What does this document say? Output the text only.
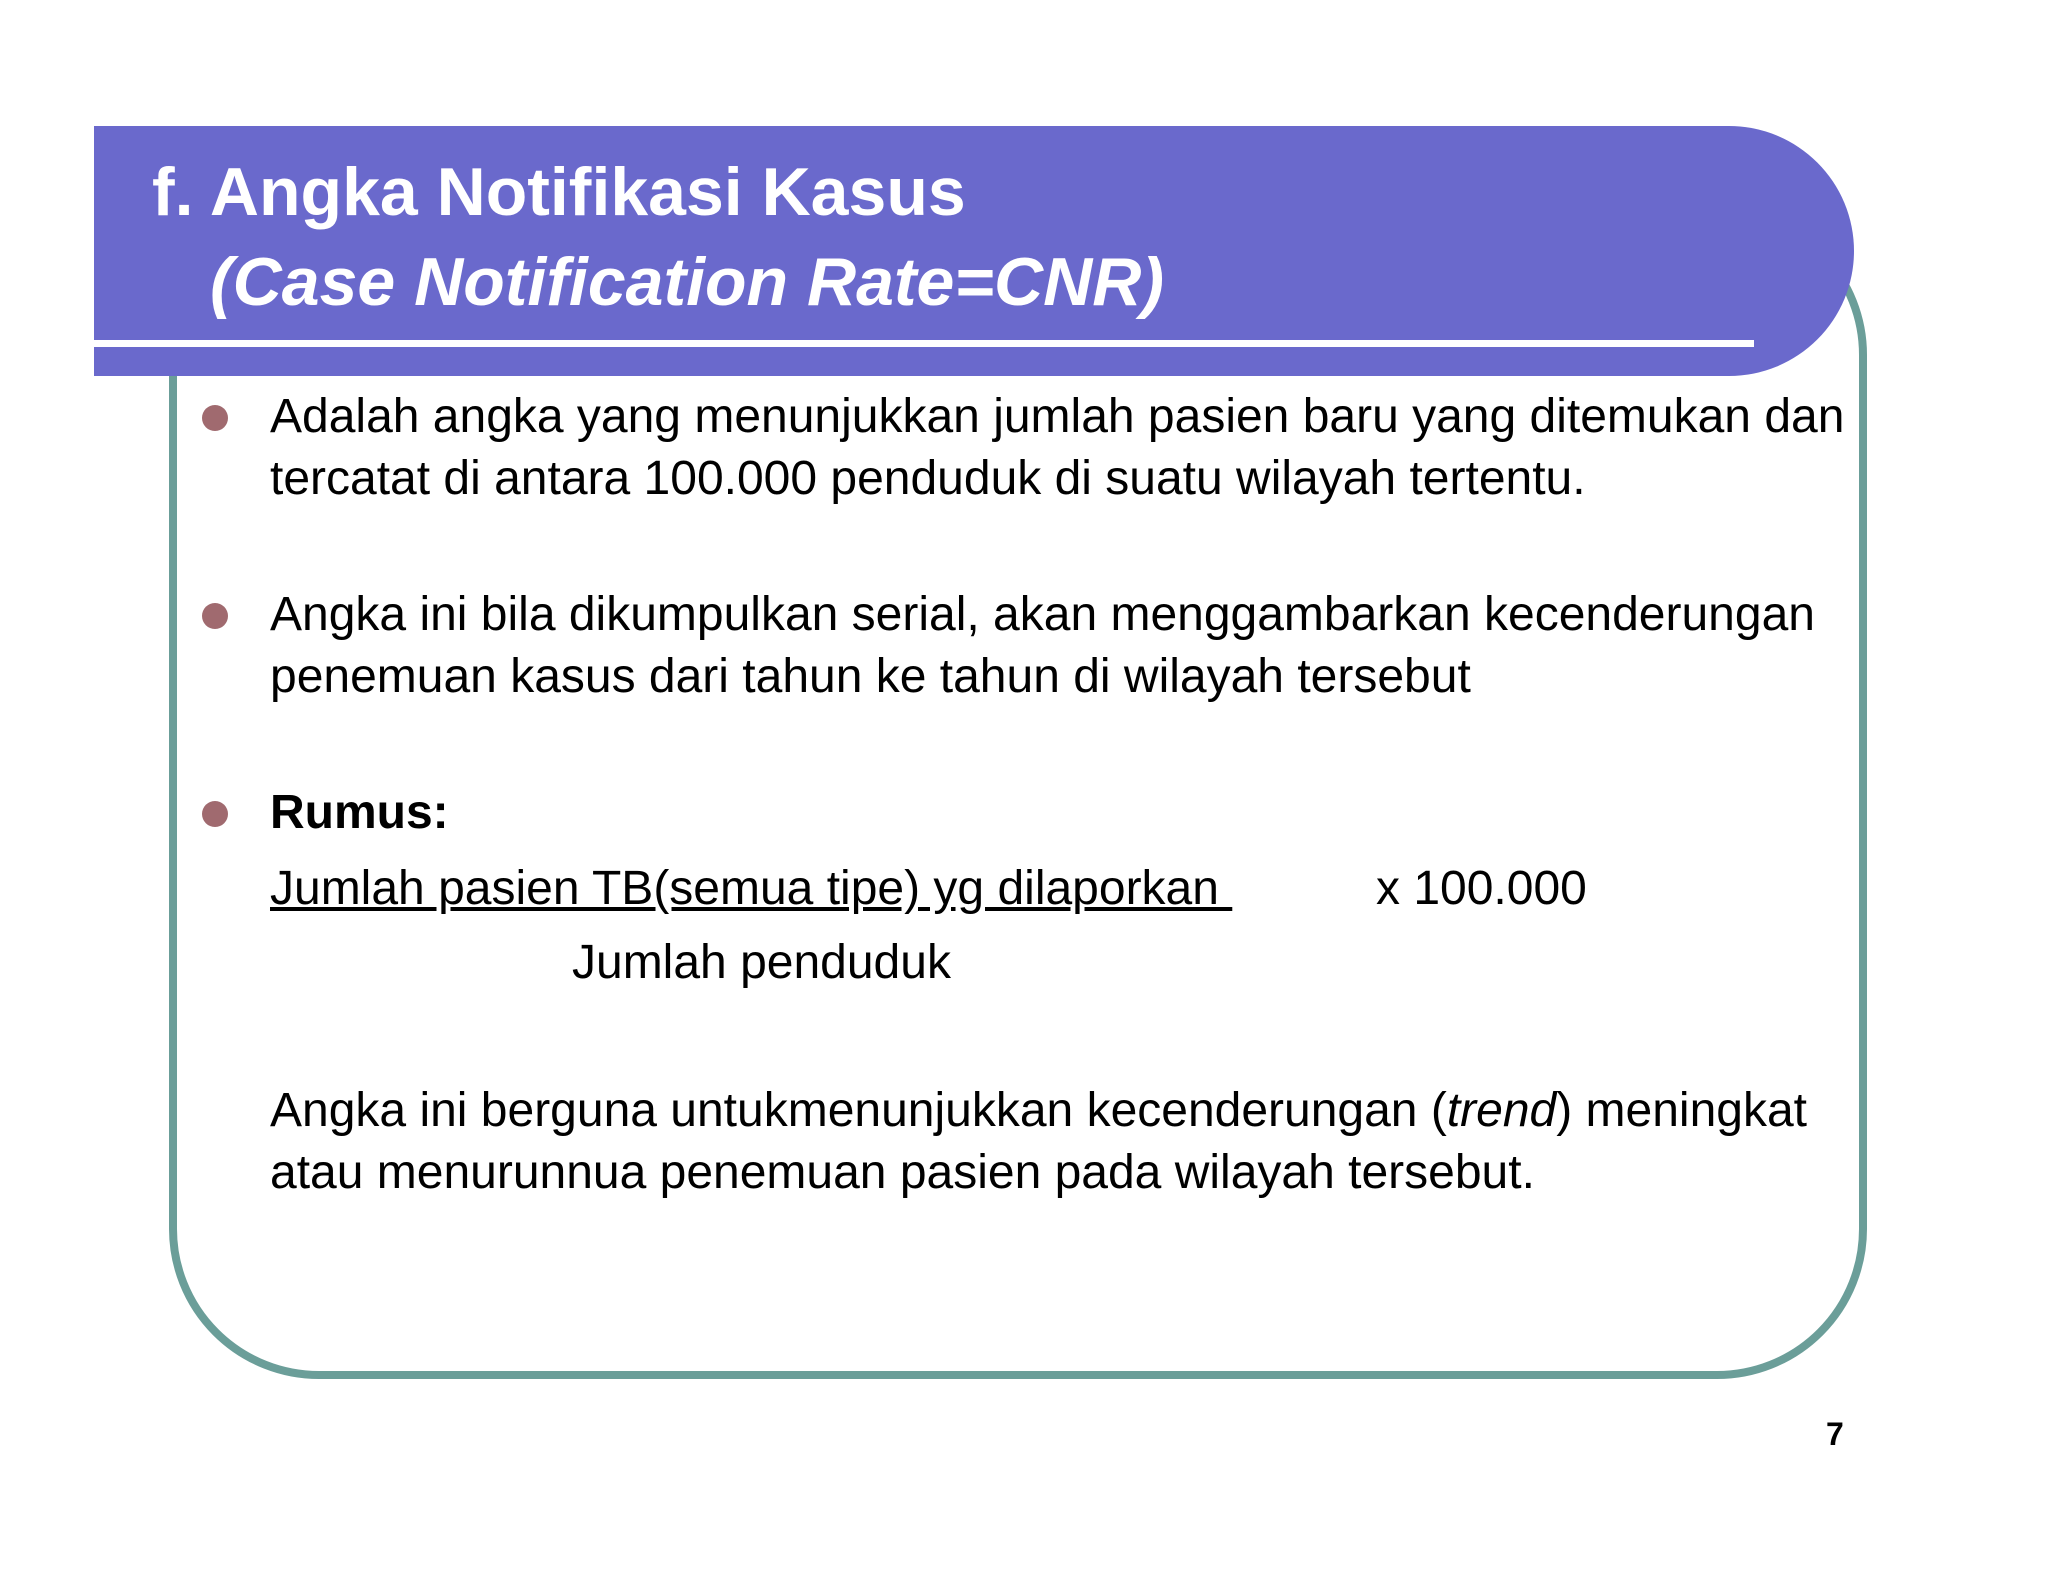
f. Angka Notifikasi Kasus
(Case Notification Rate=CNR)
Adalah angka yang menunjukkan jumlah pasien baru yang ditemukan dan tercatat di antara 100.000 penduduk di suatu wilayah tertentu.
Angka ini bila dikumpulkan serial, akan menggambarkan kecenderungan penemuan kasus dari tahun ke tahun di wilayah tersebut
Rumus:
Jumlah pasien TB(semua tipe) yg dilaporkan	x 100.000
Jumlah penduduk
Angka ini berguna untukmenunjukkan kecenderungan (trend) meningkat atau menurunnua penemuan pasien pada wilayah tersebut.
7
